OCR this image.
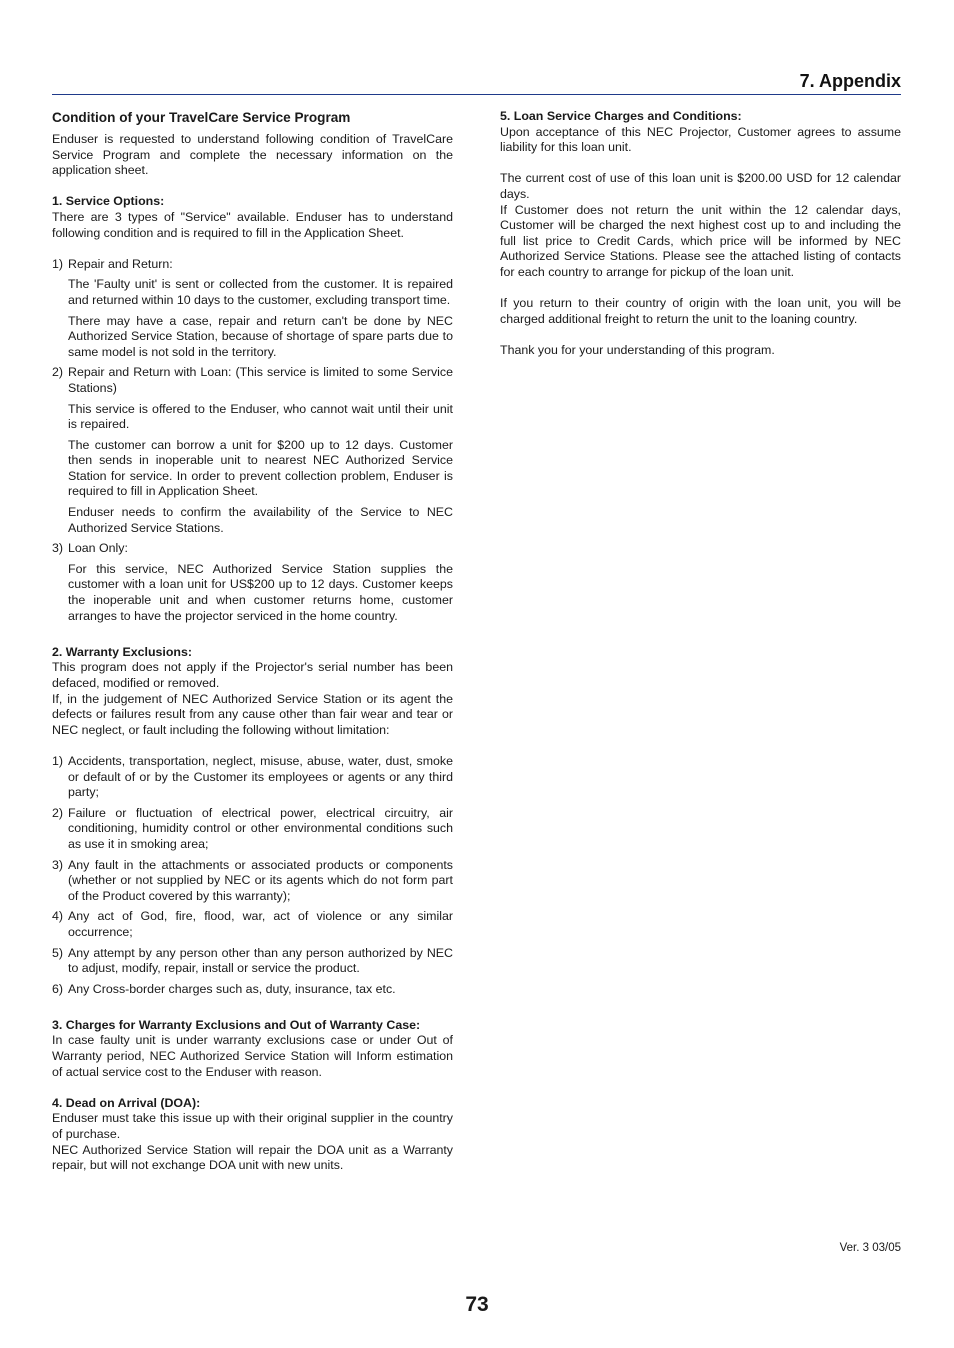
7. Appendix

Condition of your TravelCare Service Program

Enduser is requested to understand following condition of TravelCare Service Program and complete the necessary information on the application sheet.

1. Service Options:

There are 3 types of "Service" available. Enduser has to understand following condition and is required to fill in the Application Sheet.

1) Repair and Return:

The 'Faulty unit' is sent or collected from the customer. It is repaired and returned within 10 days to the customer, excluding transport time.

There may have a case, repair and return can't be done by NEC Authorized Service Station, because of shortage of spare parts due to same model is not sold in the territory.

2) Repair and Return with Loan: (This service is limited to some Service Stations)

This service is offered to the Enduser, who cannot wait until their unit is repaired.

The customer can borrow a unit for $200 up to 12 days. Customer then sends in inoperable unit to nearest NEC Authorized Service Station for service. In order to prevent collection problem, Enduser is required to fill in Application Sheet.

Enduser needs to confirm the availability of the Service to NEC Authorized Service Stations.

3) Loan Only:

For this service, NEC Authorized Service Station supplies the customer with a loan unit for US$200 up to 12 days. Customer keeps the inoperable unit and when customer returns home, customer arranges to have the projector serviced in the home country.

2. Warranty Exclusions:

This program does not apply if the Projector's serial number has been defaced, modified or removed.

If, in the judgement of NEC Authorized Service Station or its agent the defects or failures result from any cause other than fair wear and tear or NEC neglect, or fault including the following without limitation:

1) Accidents, transportation, neglect, misuse, abuse, water, dust, smoke or default of or by the Customer its employees or agents or any third party;

2) Failure or fluctuation of electrical power, electrical circuitry, air conditioning, humidity control or other environmental conditions such as use it in smoking area;

3) Any fault in the attachments or associated products or components (whether or not supplied by NEC or its agents which do not form part of the Product covered by this warranty);

4) Any act of God, fire, flood, war, act of violence or any similar occurrence;

5) Any attempt by any person other than any person authorized by NEC to adjust, modify, repair, install or service the product.

6) Any Cross-border charges such as, duty, insurance, tax etc.

3. Charges for Warranty Exclusions and Out of Warranty Case:

In case faulty unit is under warranty exclusions case or under Out of Warranty period, NEC Authorized Service Station will Inform estimation of actual service cost to the Enduser with reason.

4. Dead on Arrival (DOA):

Enduser must take this issue up with their original supplier in the country of purchase.

NEC Authorized Service Station will repair the DOA unit as a Warranty repair, but will not exchange DOA unit with new units.

5. Loan Service Charges and Conditions:

Upon acceptance of this NEC Projector, Customer agrees to assume liability for this loan unit.

The current cost of use of this loan unit is $200.00 USD for 12 calendar days.

If Customer does not return the unit within the 12 calendar days, Customer will be charged the next highest cost up to and including the full list price to Credit Cards, which price will be informed by NEC Authorized Service Stations. Please see the attached listing of contacts for each country to arrange for pickup of the loan unit.

If you return to their country of origin with the loan unit, you will be charged additional freight to return the unit to the loaning country.

Thank you for your understanding of this program.

Ver. 3 03/05
73
